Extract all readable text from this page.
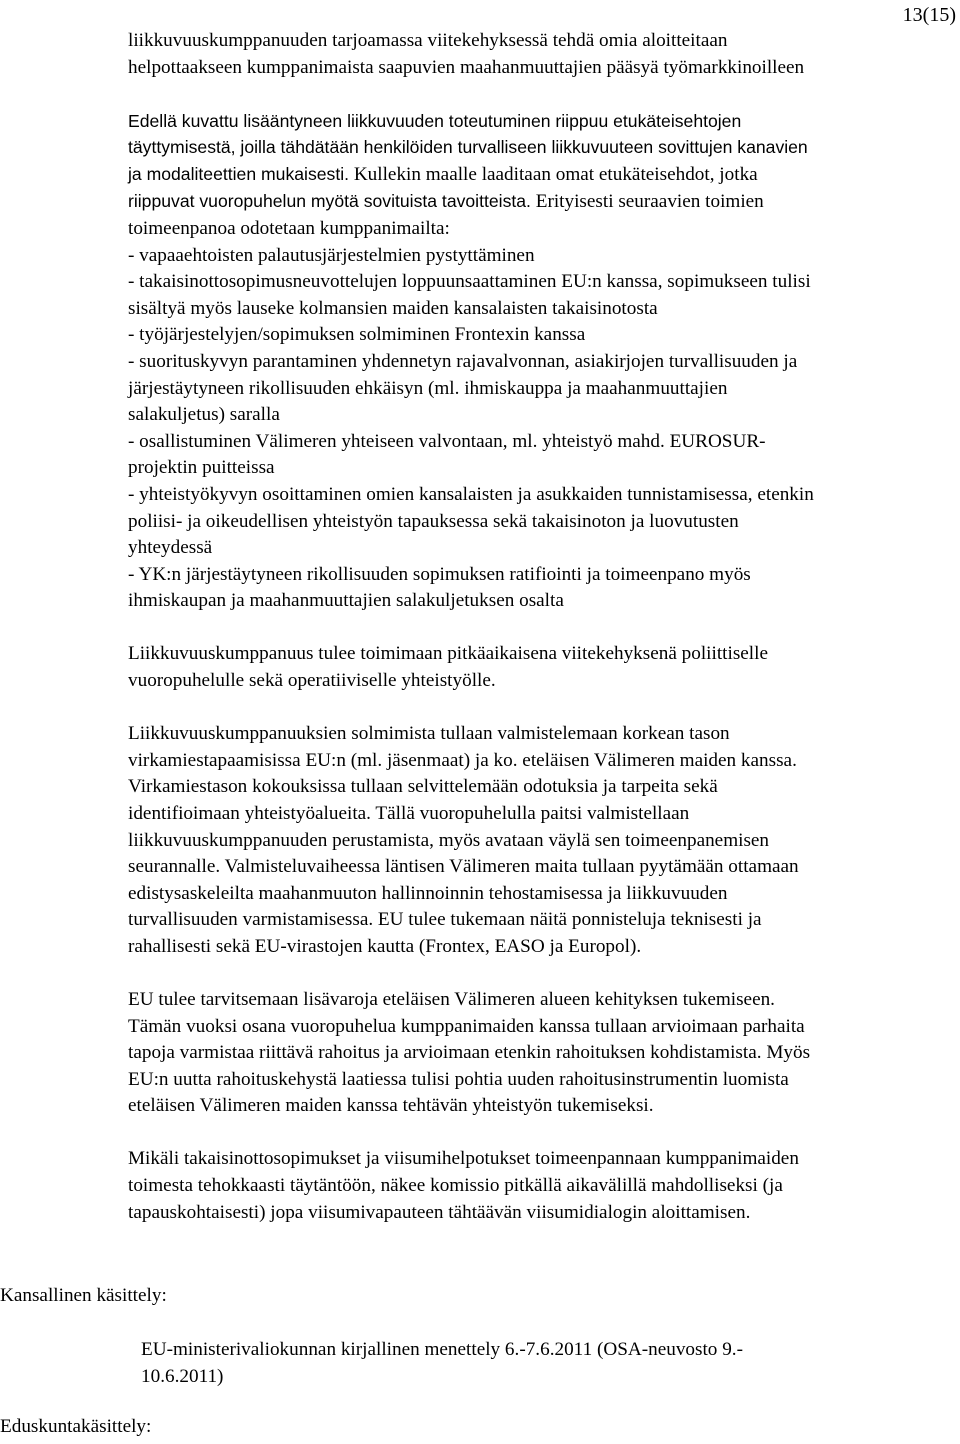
13(15)

liikkuvuuskumppanuuden tarjoamassa viitekehyksessä tehdä omia aloitteitaan
helpottaakseen kumppanimaista saapuvien maahanmuuttajien pääsyä työmarkkinoilleen

Edellä kuvattu lisääntyneen liikkuvuuden toteutuminen riippuu etukäteisehtojen
täyttymisestä, joilla tähdätään henkilöiden turvalliseen liikkuvuuteen sovittujen kanavien
ja modaliteettien mukaisesti. Kullekin maalle laaditaan omat etukäteisehdot, jotka
riippuvat vuoropuhelun myötä sovituista tavoitteista. Erityisesti seuraavien toimien
toimeenpanoa odotetaan kumppanimailta:
- vapaaehtoisten palautusjärjestelmien pystyttäminen
- takaisinottosopimusneuvottelujen loppuunsaattaminen EU:n kanssa, sopimukseen tulisi
sisältyä myös lauseke kolmansien maiden kansalaisten takaisinotosta
- työjärjestelyjen/sopimuksen solmiminen Frontexin kanssa
- suorituskyvyn parantaminen yhdennetyn rajavalvonnan, asiakirjojen turvallisuuden ja
järjestäytyneen rikollisuuden ehkäisyn (ml. ihmiskauppa ja maahanmuuttajien
salakuljetus) saralla
- osallistuminen Välimeren yhteiseen valvontaan, ml. yhteistyö mahd. EUROSUR-
projektin puitteissa
- yhteistyökyvyn osoittaminen omien kansalaisten ja asukkaiden tunnistamisessa, etenkin
poliisi- ja oikeudellisen yhteistyön tapauksessa sekä takaisinoton ja luovutusten
yhteydessä
- YK:n järjestäytyneen rikollisuuden sopimuksen ratifiointi ja toimeenpano myös
ihmiskaupan ja maahanmuuttajien salakuljetuksen osalta

Liikkuvuuskumppanuus tulee toimimaan pitkäaikaisena viitekehyksenä poliittiselle
vuoropuhelulle sekä operatiiviselle yhteistyölle.

Liikkuvuuskumppanuuksien solmimista tullaan valmistelemaan korkean tason
virkamiestapaamisissa EU:n (ml. jäsenmaat) ja ko. eteläisen Välimeren maiden kanssa.
Virkamiestason kokouksissa tullaan selvittelemään odotuksia ja tarpeita sekä
identifioimaan yhteistyöalueita. Tällä vuoropuhelulla paitsi valmistellaan
liikkuvuuskumppanuuden perustamista, myös avataan väylä sen toimeenpanemisen
seurannalle. Valmisteluvaiheessa läntisen Välimeren maita tullaan pyytämään ottamaan
edistysaskeleilta maahanmuuton hallinnoinnin tehostamisessa ja liikkuvuuden
turvallisuuden varmistamisessa. EU tulee tukemaan näitä ponnisteluja teknisesti ja
rahallisesti sekä EU-virastojen kautta (Frontex, EASO ja Europol).

EU tulee tarvitsemaan lisävaroja eteläisen Välimeren alueen kehityksen tukemiseen.
Tämän vuoksi osana vuoropuhelua kumppanimaiden kanssa tullaan arvioimaan parhaita
tapoja varmistaa riittävä rahoitus ja arvioimaan etenkin rahoituksen kohdistamista. Myös
EU:n uutta rahoituskehystä laatiessa tulisi pohtia uuden rahoitusinstrumentin luomista
eteläisen Välimeren maiden kanssa tehtävän yhteistyön tukemiseksi.

Mikäli takaisinottosopimukset ja viisumihelpotukset toimeenpannaan kumppanimaiden
toimesta tehokkaasti täytäntöön, näkee komissio pitkällä aikavälillä mahdolliseksi (ja
tapauskohtaisesti) jopa viisumivapauteen tähtäävän viisumidialogin aloittamisen.

Kansallinen käsittely:
EU-ministerivaliokunnan kirjallinen menettely 6.-7.6.2011 (OSA-neuvosto 9.-
10.6.2011)
Eduskuntakäsittely:
